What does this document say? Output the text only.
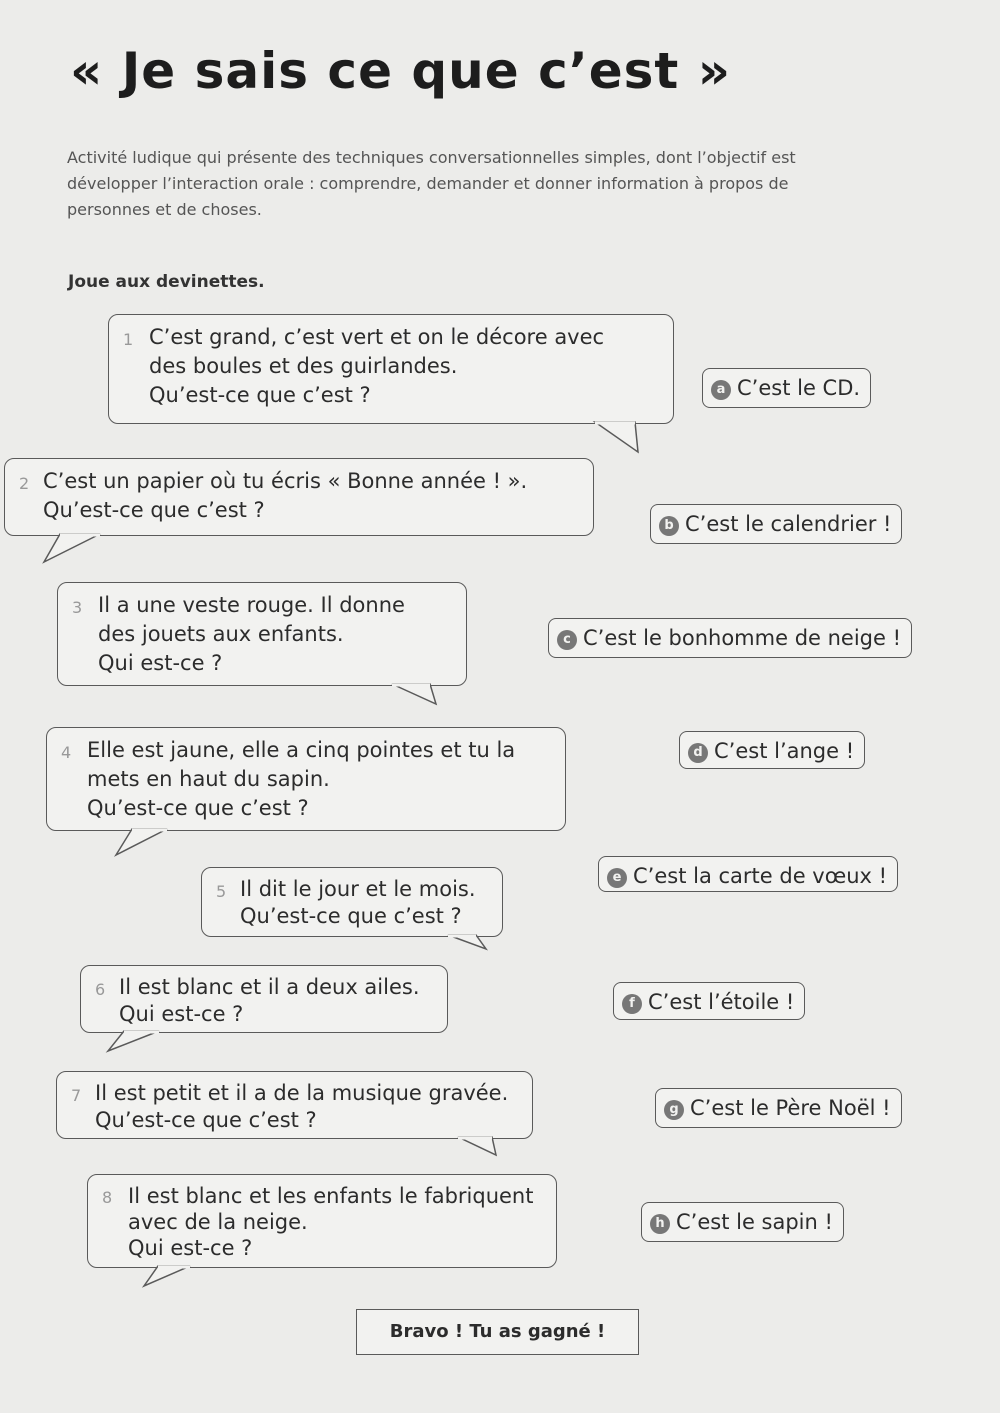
« Je sais ce que c’est »
Activité ludique qui présente des techniques conversationnelles simples, dont l’objectif est développer l’interaction orale : comprendre, demander et donner information à propos de personnes et de choses.
Joue aux devinettes.
1 C’est grand, c’est vert et on le décore avec
des boules et des guirlandes.
Qu’est-ce que c’est ?
2 C’est un papier où tu écris « Bonne année ! ».
Qu’est-ce que c’est ?
3 Il a une veste rouge. Il donne
des jouets aux enfants.
Qui est-ce ?
4 Elle est jaune, elle a cinq pointes et tu la
mets en haut du sapin.
Qu’est-ce que c’est ?
5 Il dit le jour et le mois.
Qu’est-ce que c’est ?
6 Il est blanc et il a deux ailes.
Qui est-ce ?
7 Il est petit et il a de la musique gravée.
Qu’est-ce que c’est ?
8 Il est blanc et les enfants le fabriquent
avec de la neige.
Qui est-ce ?
a C’est le CD.
b C’est le calendrier !
c C’est le bonhomme de neige !
d C’est l’ange !
e C’est la carte de vœux !
f C’est l’étoile !
g C’est le Père Noël !
h C’est le sapin !
Bravo ! Tu as gagné !
